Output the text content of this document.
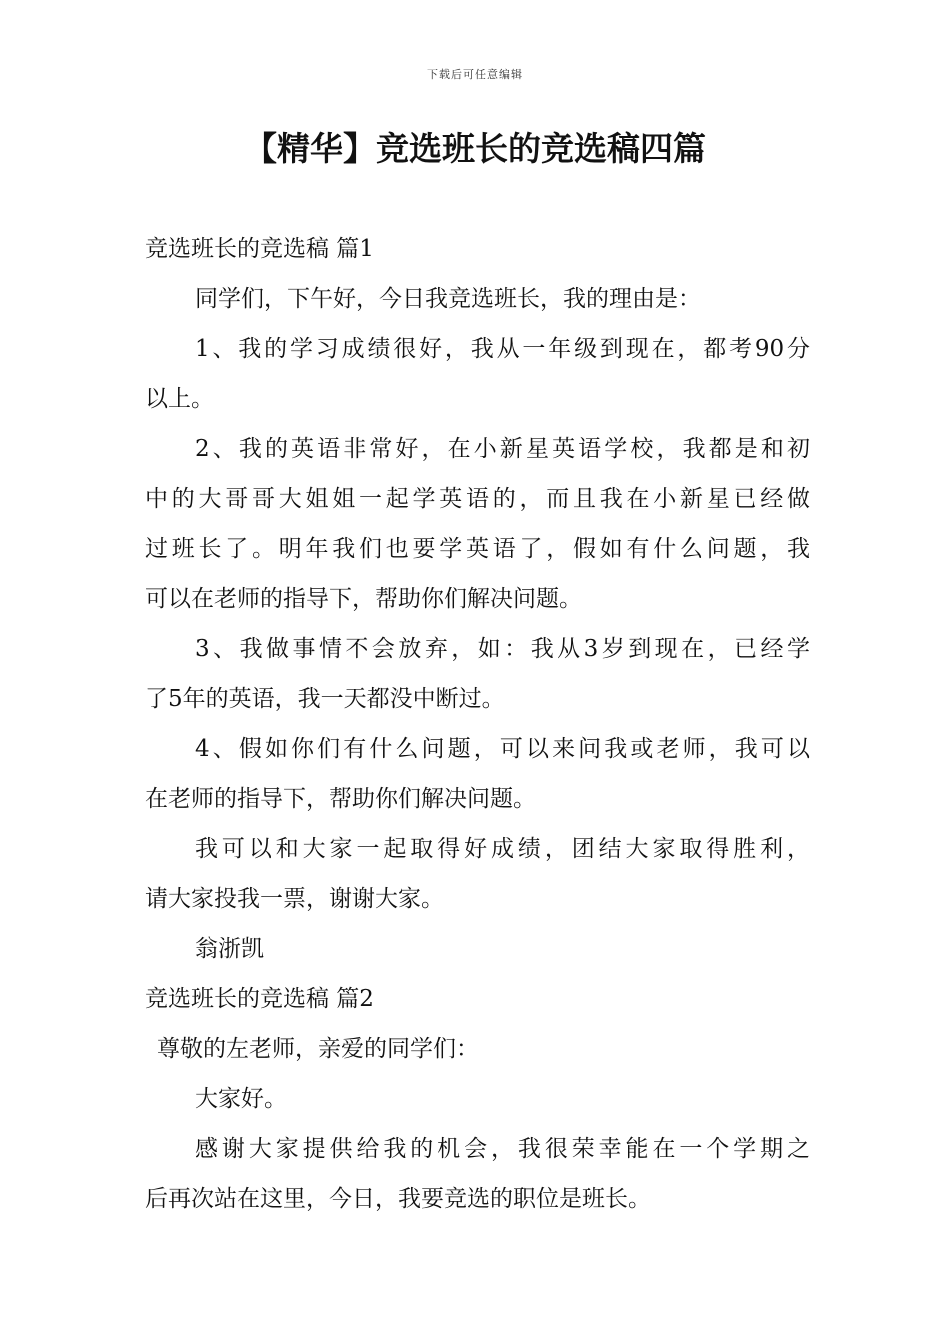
下载后可任意编辑
【精华】竞选班长的竞选稿四篇
竞选班长的竞选稿 篇1
同学们，下午好，今日我竞选班长，我的理由是：
1、我的学习成绩很好，我从一年级到现在，都考90分
以上。
2、我的英语非常好，在小新星英语学校，我都是和初
中的大哥哥大姐姐一起学英语的，而且我在小新星已经做
过班长了。明年我们也要学英语了，假如有什么问题，我
可以在老师的指导下，帮助你们解决问题。
3、我做事情不会放弃，如：我从3岁到现在，已经学
了5年的英语，我一天都没中断过。
4、假如你们有什么问题，可以来问我或老师，我可以
在老师的指导下，帮助你们解决问题。
我可以和大家一起取得好成绩，团结大家取得胜利，
请大家投我一票，谢谢大家。
翁浙凯
竞选班长的竞选稿 篇2
尊敬的左老师，亲爱的同学们：
大家好。
感谢大家提供给我的机会，我很荣幸能在一个学期之
后再次站在这里，今日，我要竞选的职位是班长。
